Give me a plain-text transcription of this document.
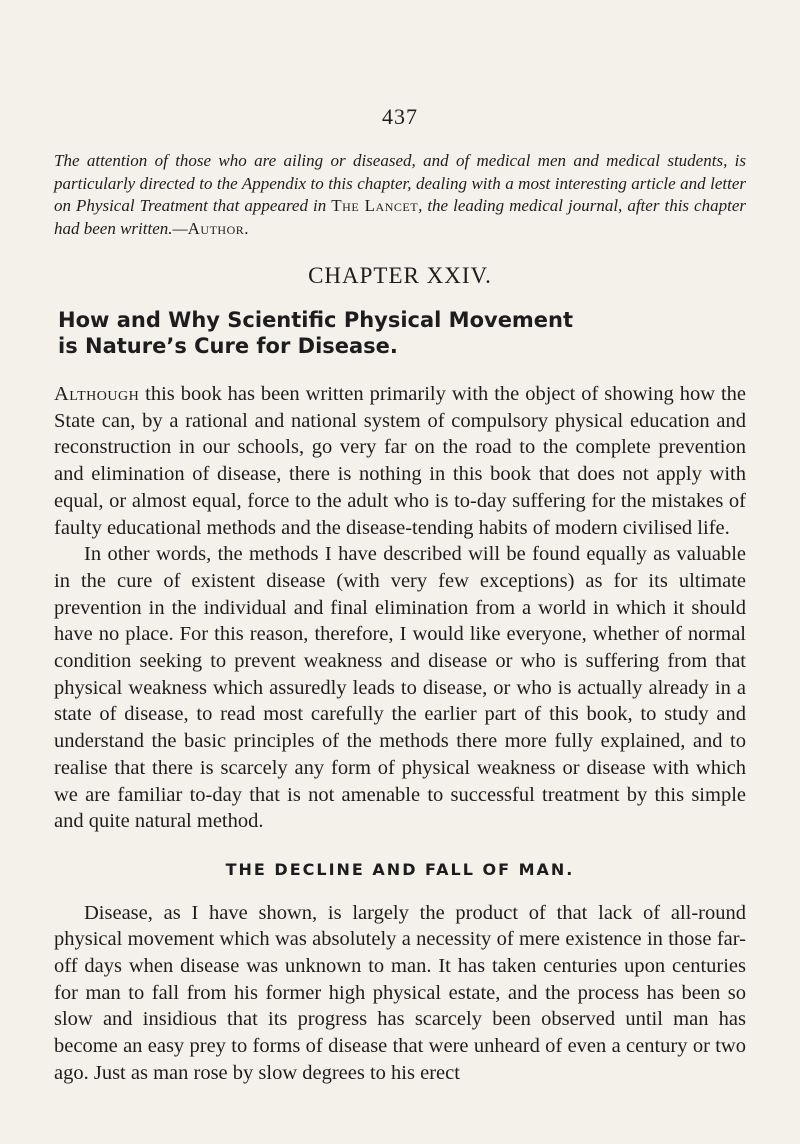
437

The attention of those who are ailing or diseased, and of medical men and medical students, is particularly directed to the Appendix to this chapter, dealing with a most interesting article and letter on Physical Treatment that appeared in The Lancet, the leading medical journal, after this chapter had been written.—Author.

CHAPTER XXIV.
How and Why Scientific Physical Movement
is Nature’s Cure for Disease.

Although this book has been written primarily with the object of showing how the State can, by a rational and national system of compulsory physical education and reconstruction in our schools, go very far on the road to the complete prevention and elimination of disease, there is nothing in this book that does not apply with equal, or almost equal, force to the adult who is to-day suffering for the mistakes of faulty educational methods and the disease-tending habits of modern civilised life.

In other words, the methods I have described will be found equally as valuable in the cure of existent disease (with very few exceptions) as for its ultimate prevention in the individual and final elimination from a world in which it should have no place. For this reason, therefore, I would like everyone, whether of normal condition seeking to prevent weakness and disease or who is suffering from that physical weakness which assuredly leads to disease, or who is actually already in a state of disease, to read most carefully the earlier part of this book, to study and understand the basic principles of the methods there more fully explained, and to realise that there is scarcely any form of physical weakness or disease with which we are familiar to-day that is not amenable to successful treatment by this simple and quite natural method.

THE DECLINE AND FALL OF MAN.

Disease, as I have shown, is largely the product of that lack of all-round physical movement which was absolutely a necessity of mere existence in those far-off days when disease was unknown to man. It has taken centuries upon centuries for man to fall from his former high physical estate, and the process has been so slow and insidious that its progress has scarcely been observed until man has become an easy prey to forms of disease that were unheard of even a century or two ago. Just as man rose by slow degrees to his erect
